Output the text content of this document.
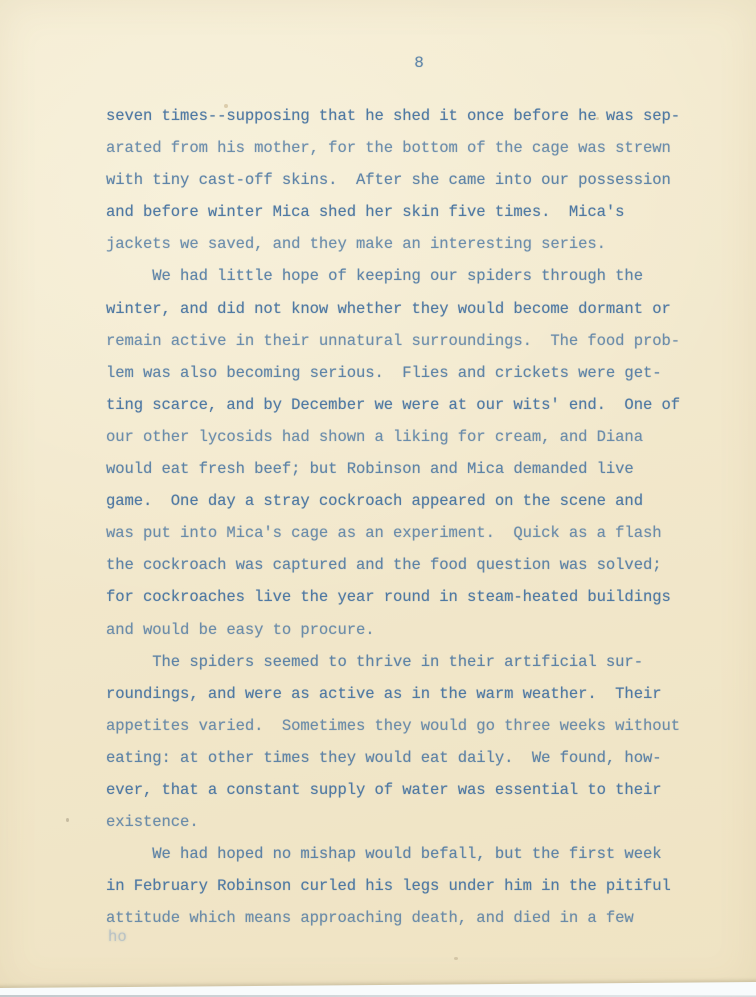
8
seven times--supposing that he shed it once before he was sep-
arated from his mother, for the bottom of the cage was strewn
with tiny cast-off skins.  After she came into our possession
and before winter Mica shed her skin five times.  Mica's
jackets we saved, and they make an interesting series.
We had little hope of keeping our spiders through the
winter, and did not know whether they would become dormant or
remain active in their unnatural surroundings.  The food prob-
lem was also becoming serious.  Flies and crickets were get-
ting scarce, and by December we were at our wits' end.  One of
our other lycosids had shown a liking for cream, and Diana
would eat fresh beef; but Robinson and Mica demanded live
game.  One day a stray cockroach appeared on the scene and
was put into Mica's cage as an experiment.  Quick as a flash
the cockroach was captured and the food question was solved;
for cockroaches live the year round in steam-heated buildings
and would be easy to procure.
The spiders seemed to thrive in their artificial sur-
roundings, and were as active as in the warm weather.  Their
appetites varied.  Sometimes they would go three weeks without
eating: at other times they would eat daily.  We found, how-
ever, that a constant supply of water was essential to their
existence.
We had hoped no mishap would befall, but the first week
in February Robinson curled his legs under him in the pitiful
attitude which means approaching death, and died in a few
ho
